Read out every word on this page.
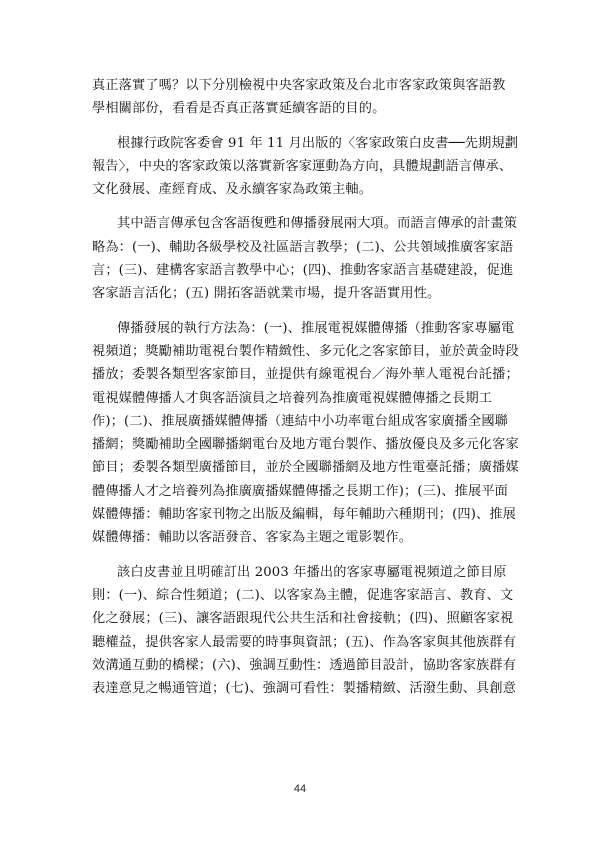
真正落實了嗎？以下分別檢視中央客家政策及台北市客家政策與客語教
學相關部份，看看是否真正落實延續客語的目的。

根據行政院客委會 91 年 11 月出版的〈客家政策白皮書──先期規劃
報告〉，中央的客家政策以落實新客家運動為方向，具體規劃語言傳承、
文化發展、產經育成、及永續客家為政策主軸。

其中語言傳承包含客語復甦和傳播發展兩大項。而語言傳承的計畫策
略為：(一)、輔助各級學校及社區語言教學；(二)、公共領域推廣客家語
言；(三)、建構客家語言教學中心；(四)、推動客家語言基礎建設，促進
客家語言活化；(五) 開拓客語就業市場，提升客語實用性。

傳播發展的執行方法為：(一)、推展電視媒體傳播（推動客家專屬電
視頻道；獎勵補助電視台製作精緻性、多元化之客家節目，並於黃金時段
播放；委製各類型客家節目，並提供有線電視台／海外華人電視台託播；
電視媒體傳播人才與客語演員之培養列為推廣電視媒體傳播之長期工
作)；(二)、推展廣播媒體傳播（連結中小功率電台組成客家廣播全國聯
播網；獎勵補助全國聯播網電台及地方電台製作、播放優良及多元化客家
節目；委製各類型廣播節目，並於全國聯播網及地方性電臺託播；廣播媒
體傳播人才之培養列為推廣廣播媒體傳播之長期工作)；(三)、推展平面
媒體傳播：輔助客家刊物之出版及編輯，每年輔助六種期刊；(四)、推展
媒體傳播：輔助以客語發音、客家為主題之電影製作。

該白皮書並且明確訂出 2003 年播出的客家專屬電視頻道之節目原
則：(一)、綜合性頻道；(二)、以客家為主體，促進客家語言、教育、文
化之發展；(三)、讓客語跟現代公共生活和社會接軌；(四)、照顧客家視
聽權益，提供客家人最需要的時事與資訊；(五)、作為客家與其他族群有
效溝通互動的橋樑；(六)、強調互動性：透過節目設計，協助客家族群有
表達意見之暢通管道；(七)、強調可看性：製播精緻、活潑生動、具創意

44
